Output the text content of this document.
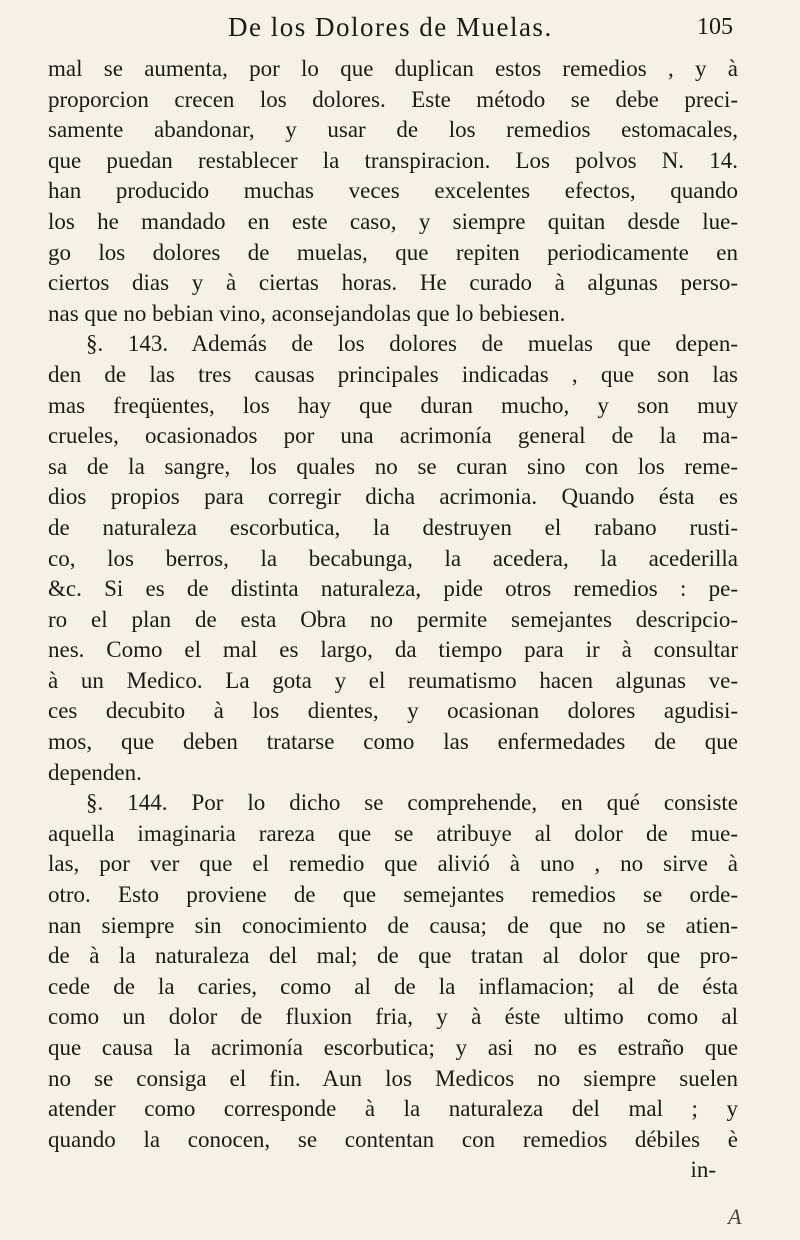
De los Dolores de Muelas.	105
mal se aumenta, por lo que duplican estos remedios , y à
proporcion crecen los dolores. Este método se debe preci-
samente abandonar, y usar de los remedios estomacales,
que puedan restablecer la transpiracion. Los polvos N. 14.
han producido muchas veces excelentes efectos, quando
los he mandado en este caso, y siempre quitan desde lue-
go los dolores de muelas, que repiten periodicamente en
ciertos dias y à ciertas horas. He curado à algunas perso-
nas que no bebian vino, aconsejandolas que lo bebiesen.
§. 143. Además de los dolores de muelas que depen-
den de las tres causas principales indicadas , que son las
mas freqüentes, los hay que duran mucho, y son muy
crueles, ocasionados por una acrimonía general de la ma-
sa de la sangre, los quales no se curan sino con los reme-
dios propios para corregir dicha acrimonia. Quando ésta es
de naturaleza escorbutica, la destruyen el rabano rusti-
co, los berros, la becabunga, la acedera, la acederilla
&c. Si es de distinta naturaleza, pide otros remedios : pe-
ro el plan de esta Obra no permite semejantes descripcio-
nes. Como el mal es largo, da tiempo para ir à consultar
à un Medico. La gota y el reumatismo hacen algunas ve-
ces decubito à los dientes, y ocasionan dolores agudisi-
mos, que deben tratarse como las enfermedades de que
dependen.
§. 144. Por lo dicho se comprehende, en qué consiste
aquella imaginaria rareza que se atribuye al dolor de mue-
las, por ver que el remedio que alivió à uno , no sirve à
otro. Esto proviene de que semejantes remedios se orde-
nan siempre sin conocimiento de causa; de que no se atien-
de à la naturaleza del mal; de que tratan al dolor que pro-
cede de la caries, como al de la inflamacion; al de ésta
como un dolor de fluxion fria, y à éste ultimo como al
que causa la acrimonía escorbutica; y asi no es estraño que
no se consiga el fin. Aun los Medicos no siempre suelen
atender como corresponde à la naturaleza del mal ; y
quando la conocen, se contentan con remedios débiles è
in-
A
